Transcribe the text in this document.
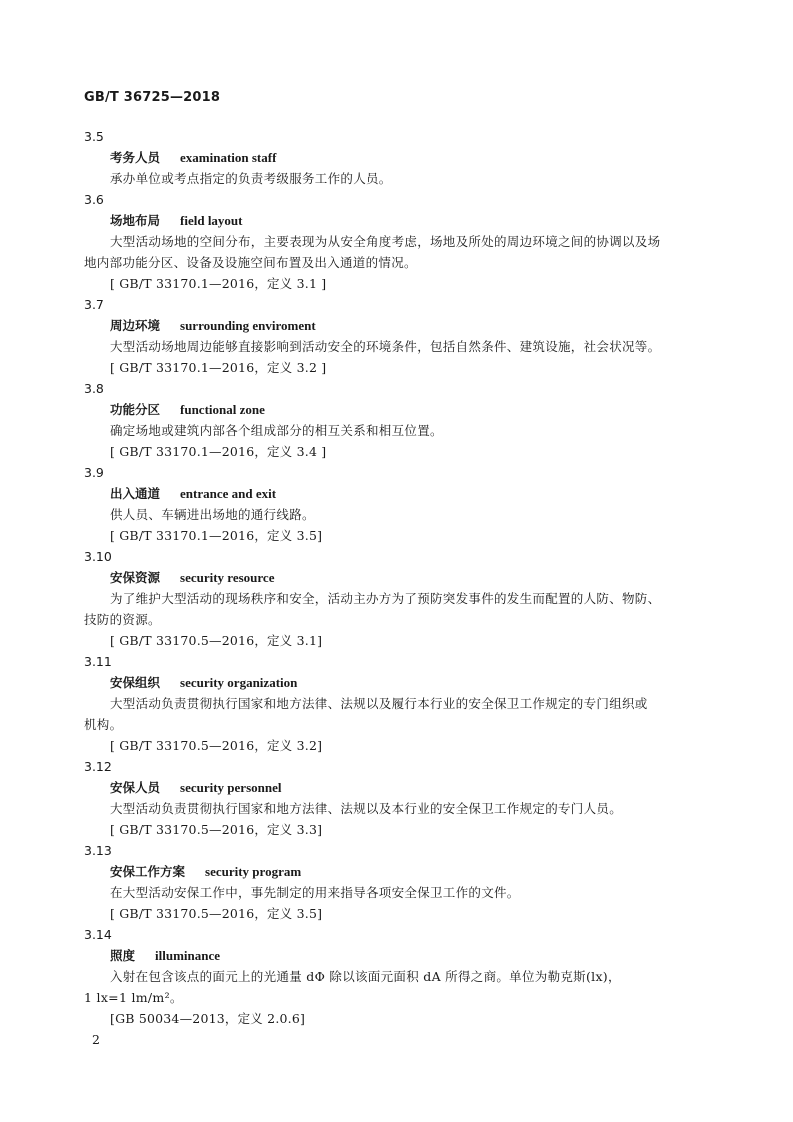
GB/T 36725—2018
3.5
考务人员 examination staff
承办单位或考点指定的负责考级服务工作的人员。
3.6
场地布局 field layout
大型活动场地的空间分布，主要表现为从安全角度考虑，场地及所处的周边环境之间的协调以及场
地内部功能分区、设备及设施空间布置及出入通道的情况。
[ GB/T 33170.1—2016，定义 3.1 ]
3.7
周边环境 surrounding enviroment
大型活动场地周边能够直接影响到活动安全的环境条件，包括自然条件、建筑设施，社会状况等。
[ GB/T 33170.1—2016，定义 3.2 ]
3.8
功能分区 functional zone
确定场地或建筑内部各个组成部分的相互关系和相互位置。
[ GB/T 33170.1—2016，定义 3.4 ]
3.9
出入通道 entrance and exit
供人员、车辆进出场地的通行线路。
[ GB/T 33170.1—2016，定义 3.5]
3.10
安保资源 security resource
为了维护大型活动的现场秩序和安全，活动主办方为了预防突发事件的发生而配置的人防、物防、
技防的资源。
[ GB/T 33170.5—2016，定义 3.1]
3.11
安保组织 security organization
大型活动负责贯彻执行国家和地方法律、法规以及履行本行业的安全保卫工作规定的专门组织或
机构。
[ GB/T 33170.5—2016，定义 3.2]
3.12
安保人员 security personnel
大型活动负责贯彻执行国家和地方法律、法规以及本行业的安全保卫工作规定的专门人员。
[ GB/T 33170.5—2016，定义 3.3]
3.13
安保工作方案 security program
在大型活动安保工作中，事先制定的用来指导各项安全保卫工作的文件。
[ GB/T 33170.5—2016，定义 3.5]
3.14
照度 illuminance
入射在包含该点的面元上的光通量 dΦ 除以该面元面积 dA 所得之商。单位为勒克斯(lx)，
1 lx=1 lm/m²。
[GB 50034—2013，定义 2.0.6]
2
